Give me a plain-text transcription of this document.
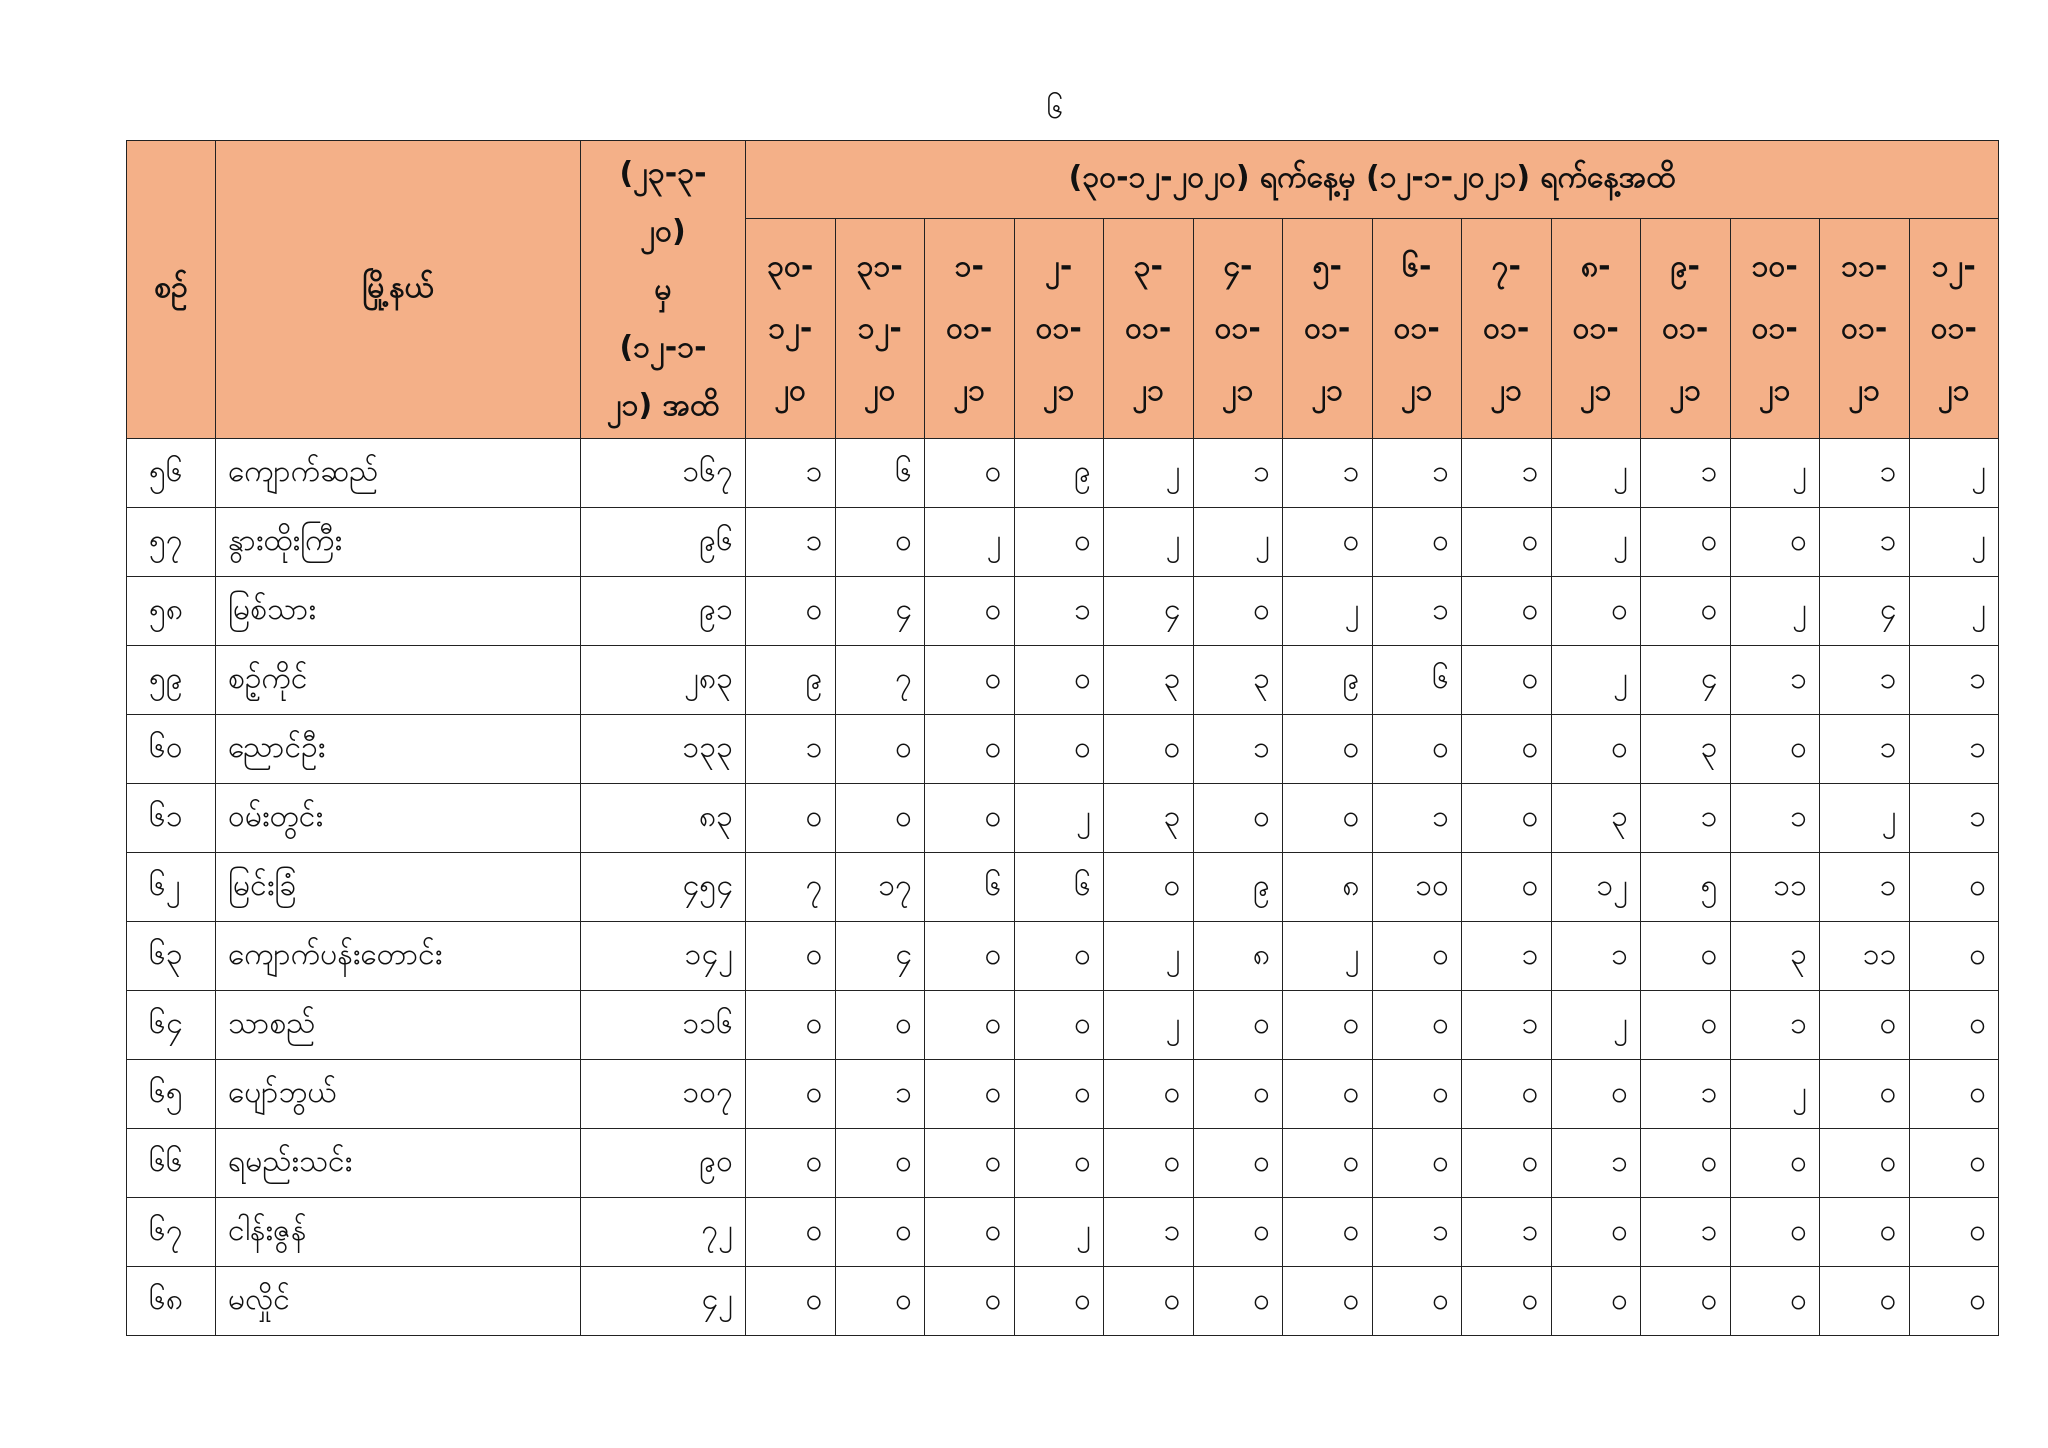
၆
စဉ်	မြို့နယ်	(၂၃-၃-
၂၀)
မှ
(၁၂-၁-
၂၁) အထိ	(၃၀-၁၂-၂၀၂၀) ရက်နေ့မှ (၁၂-၁-၂၀၂၁) ရက်နေ့အထိ													
			၃၀-
၁၂-
၂၀	၃၁-
၁၂-
၂၀	၁-
၀၁-
၂၁	၂-
၀၁-
၂၁	၃-
၀၁-
၂၁	၄-
၀၁-
၂၁	၅-
၀၁-
၂၁	၆-
၀၁-
၂၁	၇-
၀၁-
၂၁	၈-
၀၁-
၂၁	၉-
၀၁-
၂၁	၁၀-
၀၁-
၂၁	၁၁-
၀၁-
၂၁	၁၂-
၀၁-
၂၁
၅၆	ကျောက်ဆည်	၁၆၇	၁	၆	၀	၉	၂	၁	၁	၁	၁	၂	၁	၂	၁	၂
၅၇	နွားထိုးကြီး	၉၆	၁	၀	၂	၀	၂	၂	၀	၀	၀	၂	၀	၀	၁	၂
၅၈	မြစ်သား	၉၁	၀	၄	၀	၁	၄	၀	၂	၁	၀	၀	၀	၂	၄	၂
၅၉	စဉ့်ကိုင်	၂၈၃	၉	၇	၀	၀	၃	၃	၉	၆	၀	၂	၄	၁	၁	၁
၆၀	ညောင်ဦး	၁၃၃	၁	၀	၀	၀	၀	၁	၀	၀	၀	၀	၃	၀	၁	၁
၆၁	ဝမ်းတွင်း	၈၃	၀	၀	၀	၂	၃	၀	၀	၁	၀	၃	၁	၁	၂	၁
၆၂	မြင်းခြံ	၄၅၄	၇	၁၇	၆	၆	၀	၉	၈	၁၀	၀	၁၂	၅	၁၁	၁	၀
၆၃	ကျောက်ပန်းတောင်း	၁၄၂	၀	၄	၀	၀	၂	၈	၂	၀	၁	၁	၀	၃	၁၁	၀
၆၄	သာစည်	၁၁၆	၀	၀	၀	၀	၂	၀	၀	၀	၁	၂	၀	၁	၀	၀
၆၅	ပျော်ဘွယ်	၁၀၇	၀	၁	၀	၀	၀	၀	၀	၀	၀	၀	၁	၂	၀	၀
၆၆	ရမည်းသင်း	၉၀	၀	၀	၀	၀	၀	၀	၀	၀	၀	၁	၀	၀	၀	၀
၆၇	ငါန်းဇွန်	၇၂	၀	၀	၀	၂	၁	၀	၀	၁	၁	၀	၁	၀	၀	၀
၆၈	မလှိုင်	၄၂	၀	၀	၀	၀	၀	၀	၀	၀	၀	၀	၀	၀	၀	၀
